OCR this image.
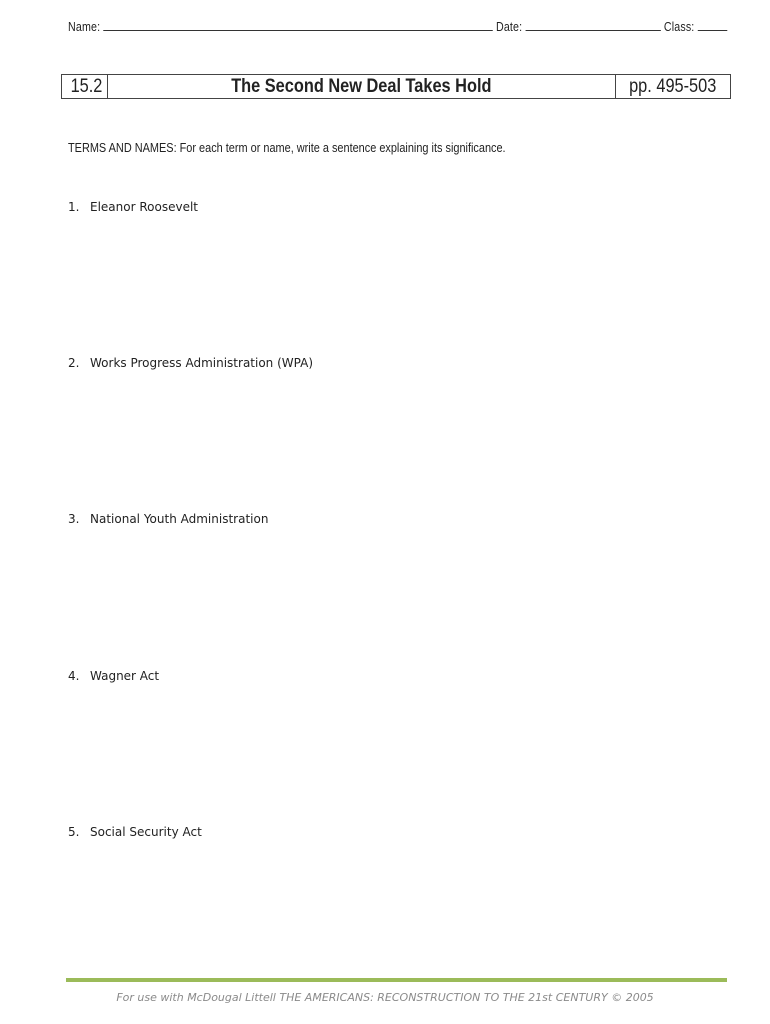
Name:	Date:	Class:
15.2	The Second New Deal Takes Hold	pp. 495-503
TERMS AND NAMES: For each term or name, write a sentence explaining its significance.
1. Eleanor Roosevelt
2. Works Progress Administration (WPA)
3. National Youth Administration
4. Wagner Act
5. Social Security Act
For use with McDougal Littell THE AMERICANS: RECONSTRUCTION TO THE 21st CENTURY © 2005
